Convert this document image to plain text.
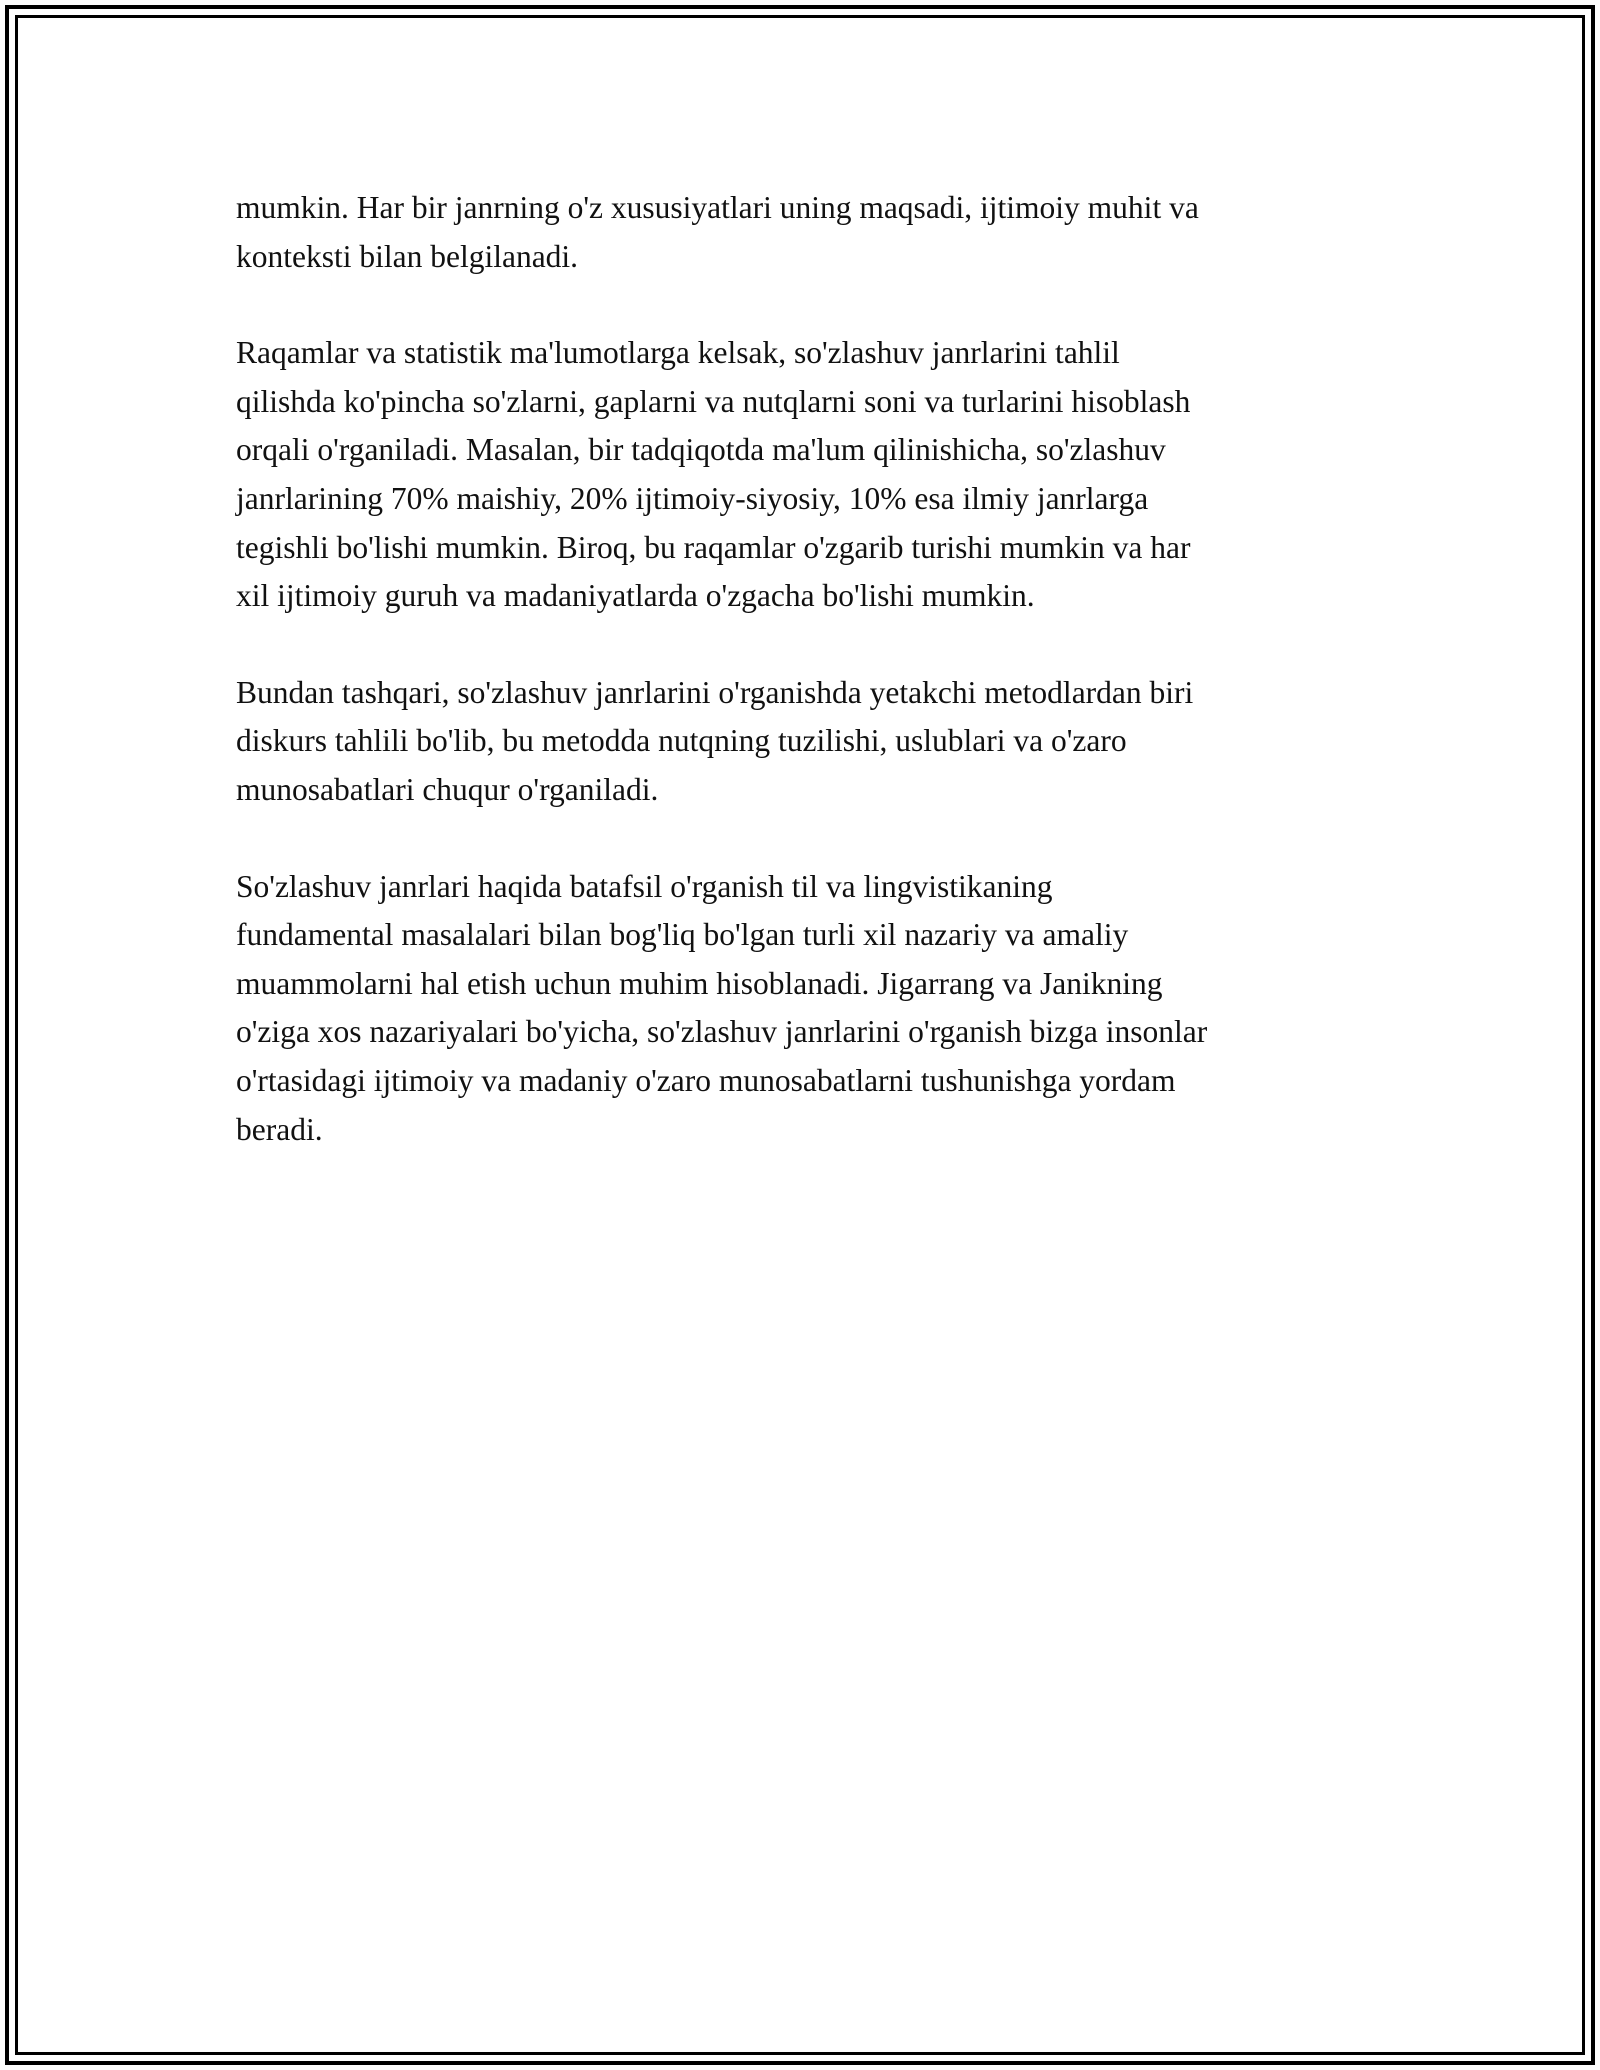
mumkin. Har bir janrning o'z xususiyatlari uning maqsadi, ijtimoiy muhit va
konteksti bilan belgilanadi.

Raqamlar va statistik ma'lumotlarga kelsak, so'zlashuv janrlarini tahlil
qilishda ko'pincha so'zlarni, gaplarni va nutqlarni soni va turlarini hisoblash
orqali o'rganiladi. Masalan, bir tadqiqotda ma'lum qilinishicha, so'zlashuv
janrlarining 70% maishiy, 20% ijtimoiy-siyosiy, 10% esa ilmiy janrlarga
tegishli bo'lishi mumkin. Biroq, bu raqamlar o'zgarib turishi mumkin va har
xil ijtimoiy guruh va madaniyatlarda o'zgacha bo'lishi mumkin.

Bundan tashqari, so'zlashuv janrlarini o'rganishda yetakchi metodlardan biri
diskurs tahlili bo'lib, bu metodda nutqning tuzilishi, uslublari va o'zaro
munosabatlari chuqur o'rganiladi.

So'zlashuv janrlari haqida batafsil o'rganish til va lingvistikaning
fundamental masalalari bilan bog'liq bo'lgan turli xil nazariy va amaliy
muammolarni hal etish uchun muhim hisoblanadi. Jigarrang va Janikning
o'ziga xos nazariyalari bo'yicha, so'zlashuv janrlarini o'rganish bizga insonlar
o'rtasidagi ijtimoiy va madaniy o'zaro munosabatlarni tushunishga yordam
beradi.
